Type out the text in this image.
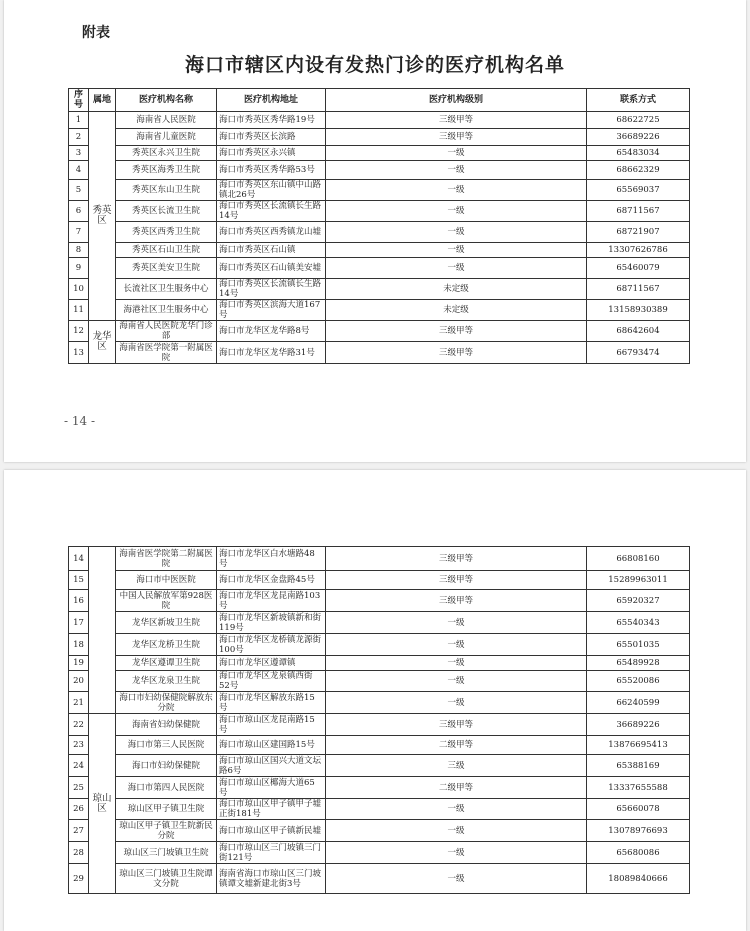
附表
海口市辖区内设有发热门诊的医疗机构名单
序号	属地	医疗机构名称	医疗机构地址	医疗机构级别	联系方式
1	秀英区	海南省人民医院	海口市秀英区秀华路19号	三级甲等	68622725
2		海南省儿童医院	海口市秀英区长滨路	三级甲等	36689226
3		秀英区永兴卫生院	海口市秀英区永兴镇	一级	65483034
4		秀英区海秀卫生院	海口市秀英区秀华路53号	一级	68662329
5		秀英区东山卫生院	海口市秀英区东山镇中山路镇北26号	一级	65569037
6		秀英区长流卫生院	海口市秀英区长流镇长生路14号	一级	68711567
7		秀英区西秀卫生院	海口市秀英区西秀镇龙山墟	一级	68721907
8		秀英区石山卫生院	海口市秀英区石山镇	一级	13307626786
9		秀英区美安卫生院	海口市秀英区石山镇美安墟	一级	65460079
10		长流社区卫生服务中心	海口市秀英区长流镇长生路14号	未定级	68711567
11		海港社区卫生服务中心	海口市秀英区滨海大道167号	未定级	13158930389
12	龙华区	海南省人民医院龙华门诊部	海口市龙华区龙华路8号	三级甲等	68642604
13		海南省医学院第一附属医院	海口市龙华区龙华路31号	三级甲等	66793474
- 14 -
14		海南省医学院第二附属医院	海口市龙华区白水塘路48号	三级甲等	66808160
15		海口市中医医院	海口市龙华区金盘路45号	三级甲等	15289963011
16		中国人民解放军第928医院	海口市龙华区龙昆南路103号	三级甲等	65920327
17		龙华区新坡卫生院	海口市龙华区新坡镇新和街119号	一级	65540343
18		龙华区龙桥卫生院	海口市龙华区龙桥镇龙源街100号	一级	65501035
19		龙华区遵谭卫生院	海口市龙华区遵谭镇	一级	65489928
20		龙华区龙泉卫生院	海口市龙华区龙泉镇西街52号	一级	65520086
21		海口市妇幼保健院解放东分院	海口市龙华区解放东路15号	一级	66240599
22	琼山区	海南省妇幼保健院	海口市琼山区龙昆南路15号	三级甲等	36689226
23		海口市第三人民医院	海口市琼山区建国路15号	二级甲等	13876695413
24		海口市妇幼保健院	海口市琼山区国兴大道文坛路6号	三级	65388169
25		海口市第四人民医院	海口市琼山区椰海大道65号	二级甲等	13337655588
26		琼山区甲子镇卫生院	海口市琼山区甲子镇甲子墟正街181号	一级	65660078
27		琼山区甲子镇卫生院新民分院	海口市琼山区甲子镇新民墟	一级	13078976693
28		琼山区三门坡镇卫生院	海口市琼山区三门坡镇三门街121号	一级	65680086
29		琼山区三门坡镇卫生院谭文分院	海南省海口市琼山区三门坡镇谭文墟新建北街3号	一级	18089840666
